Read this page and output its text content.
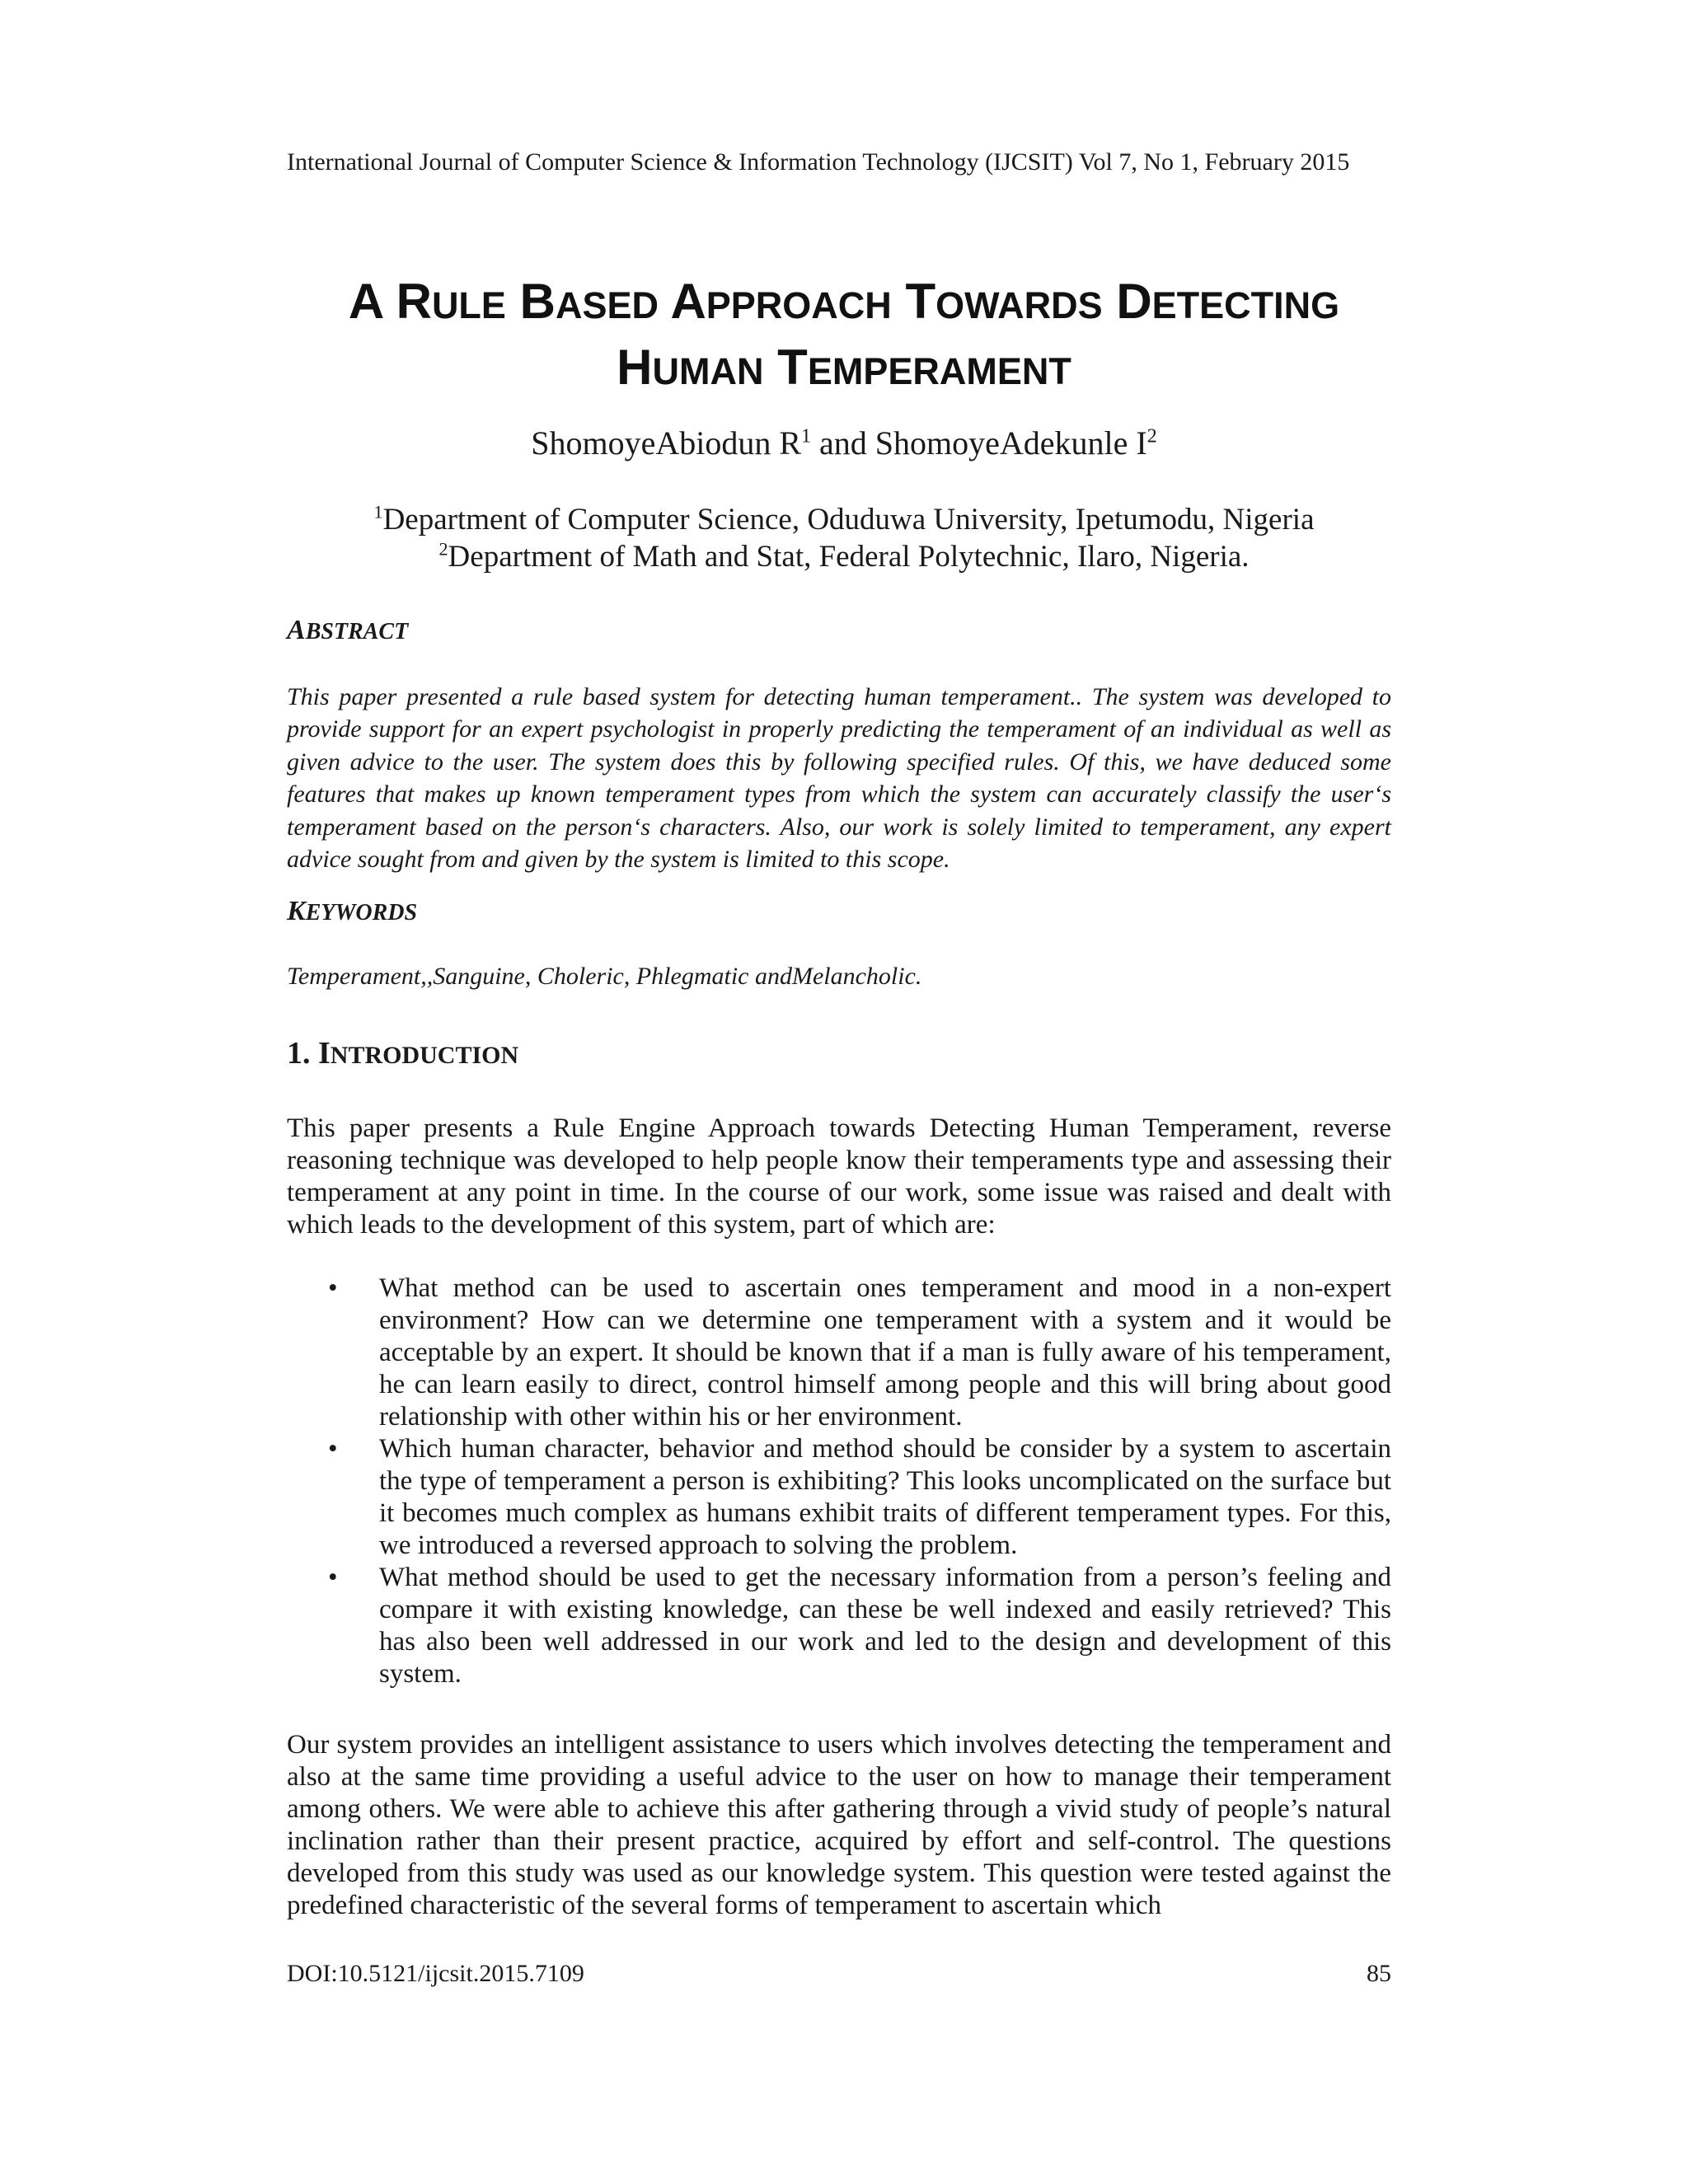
International Journal of Computer Science & Information Technology (IJCSIT) Vol 7, No 1, February 2015
A RULE BASED APPROACH TOWARDS DETECTING
HUMAN TEMPERAMENT
ShomoyeAbiodun $R^1$ and ShomoyeAdekunle $I^2$
$^1$Department of Computer Science, Oduduwa University, Ipetumodu, Nigeria
$^2$Department of Math and Stat, Federal Polytechnic, Ilaro, Nigeria.
ABSTRACT
This paper presented a rule based system for detecting human temperament.. The system was developed to provide support for an expert psychologist in properly predicting the temperament of an individual as well as given advice to the user. The system does this by following specified rules. Of this, we have deduced some features that makes up known temperament types from which the system can accurately classify the user‘s temperament based on the person‘s characters. Also, our work is solely limited to temperament, any expert advice sought from and given by the system is limited to this scope.
KEYWORDS
Temperament,,Sanguine, Choleric, Phlegmatic andMelancholic.
1. INTRODUCTION
This paper presents a Rule Engine Approach towards Detecting Human Temperament, reverse reasoning technique was developed to help people know their temperaments type and assessing their temperament at any point in time. In the course of our work, some issue was raised and dealt with which leads to the development of this system, part of which are:
• What method can be used to ascertain ones temperament and mood in a non-expert environment? How can we determine one temperament with a system and it would be acceptable by an expert. It should be known that if a man is fully aware of his temperament, he can learn easily to direct, control himself among people and this will bring about good relationship with other within his or her environment.
• Which human character, behavior and method should be consider by a system to ascertain the type of temperament a person is exhibiting? This looks uncomplicated on the surface but it becomes much complex as humans exhibit traits of different temperament types. For this, we introduced a reversed approach to solving the problem.
• What method should be used to get the necessary information from a person’s feeling and compare it with existing knowledge, can these be well indexed and easily retrieved? This has also been well addressed in our work and led to the design and development of this system.
Our system provides an intelligent assistance to users which involves detecting the temperament and also at the same time providing a useful advice to the user on how to manage their temperament among others. We were able to achieve this after gathering through a vivid study of people’s natural inclination rather than their present practice, acquired by effort and self-control. The questions developed from this study was used as our knowledge system. This question were tested against the predefined characteristic of the several forms of temperament to ascertain which
DOI:10.5121/ijcsit.2015.7109	85
